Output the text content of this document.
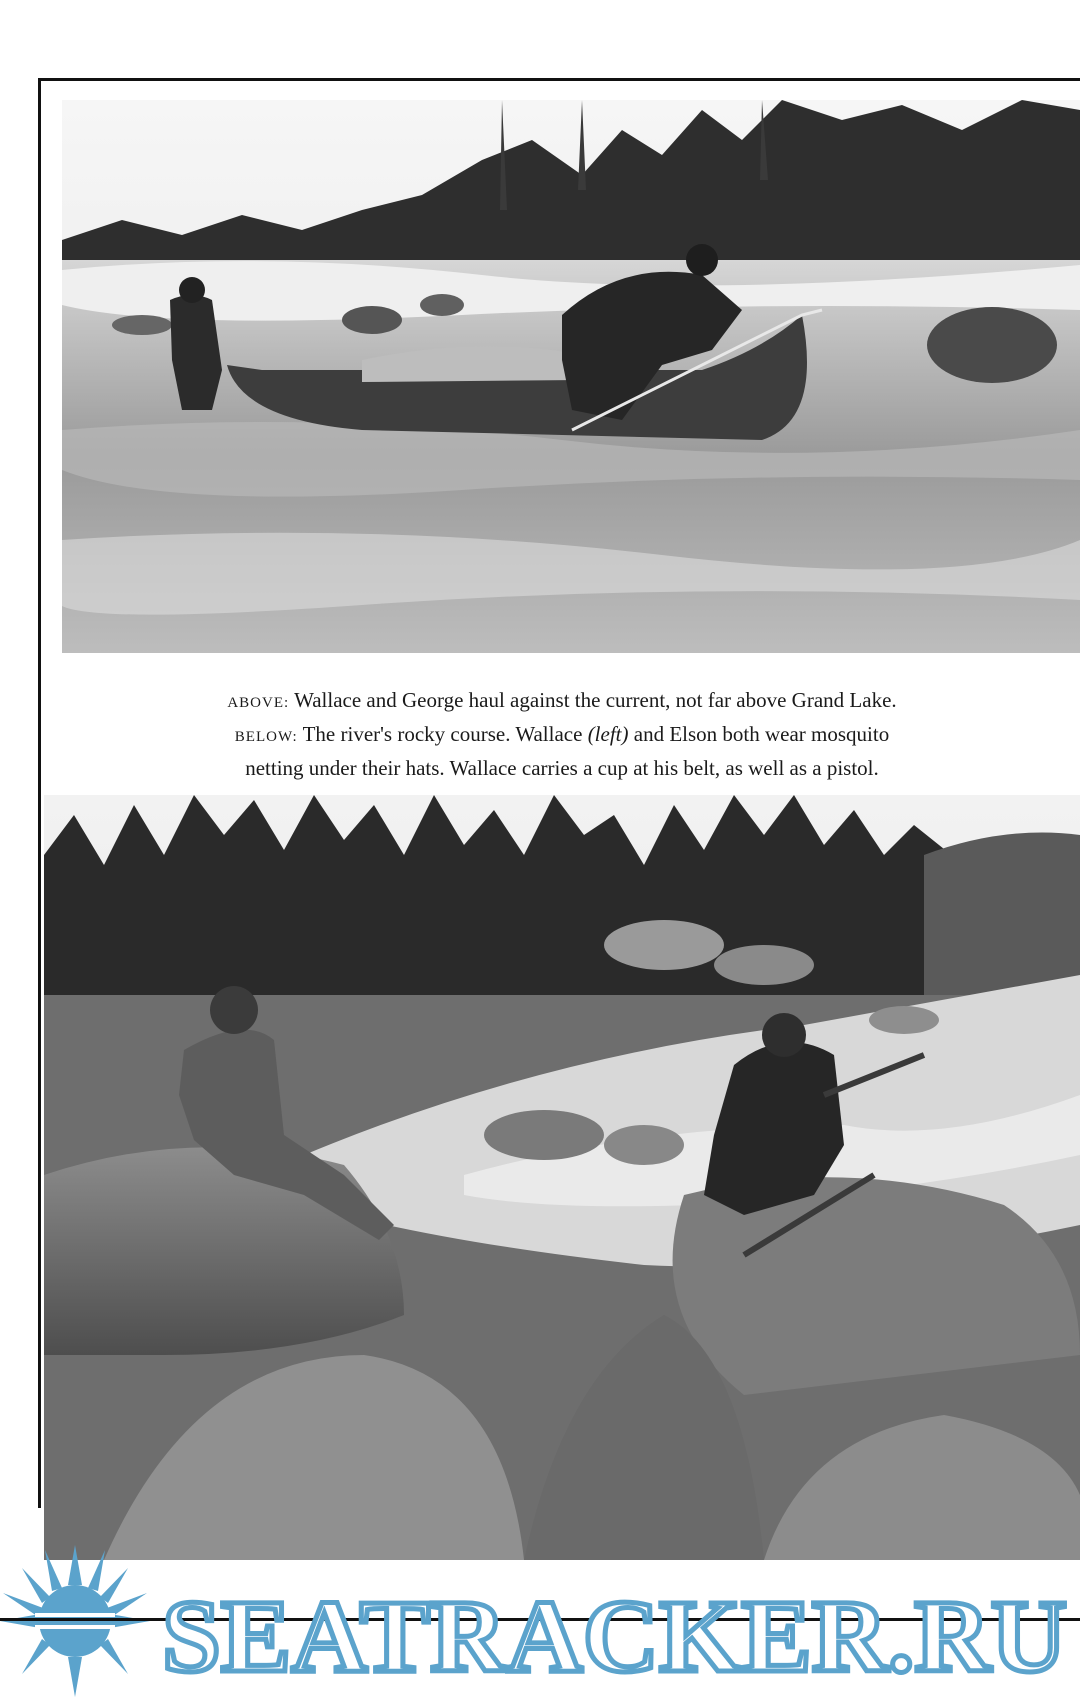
ABOVE: Wallace and George haul against the current, not far above Grand Lake.
BELOW: The river's rocky course. Wallace (left) and Elson both wear mosquito
netting under their hats. Wallace carries a cup at his belt, as well as a pistol.
SEATRACKER.RU
